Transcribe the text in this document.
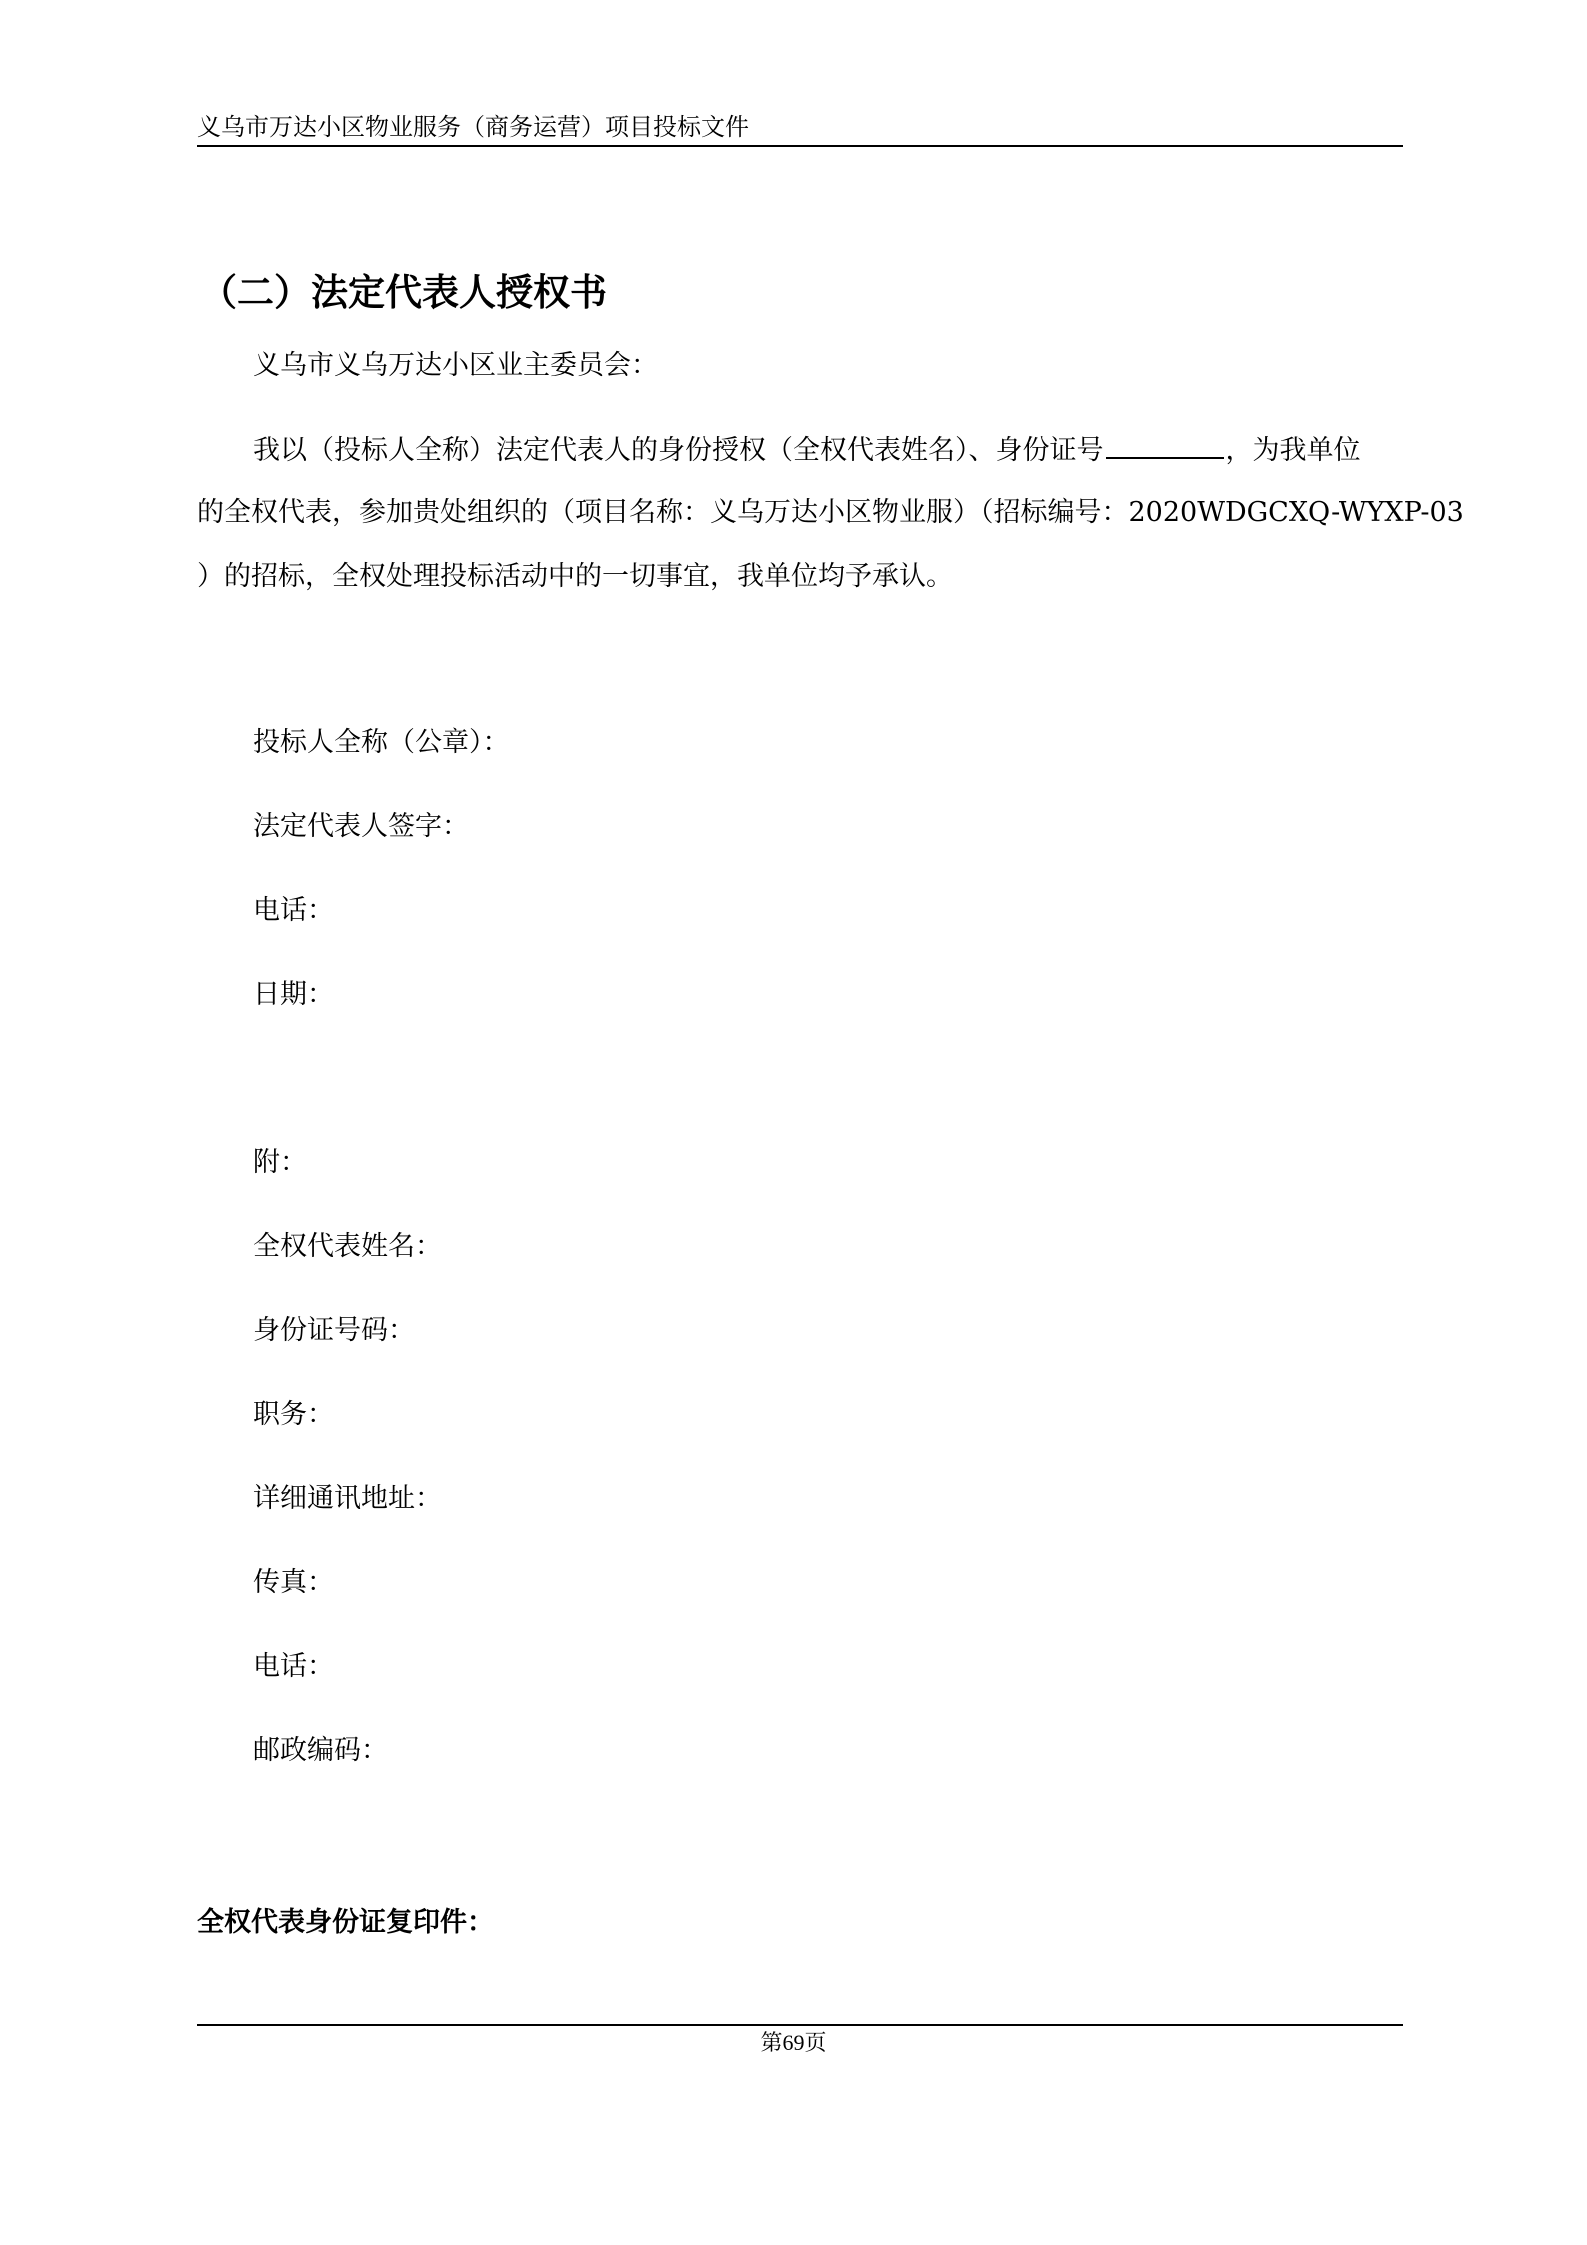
义乌市万达小区物业服务（商务运营）项目投标文件
（二）法定代表人授权书
义乌市义乌万达小区业主委员会：
我以（投标人全称）法定代表人的身份授权（全权代表姓名）、身份证号	，为我单位
的全权代表，参加贵处组织的（项目名称：义乌万达小区物业服）（招标编号：2020WDGCXQ-WYXP-03
）的招标，全权处理投标活动中的一切事宜，我单位均予承认。
投标人全称（公章）：
法定代表人签字：
电话：
日期：
附：
全权代表姓名：
身份证号码：
职务：
详细通讯地址：
传真：
电话：
邮政编码：
全权代表身份证复印件：
第69页
